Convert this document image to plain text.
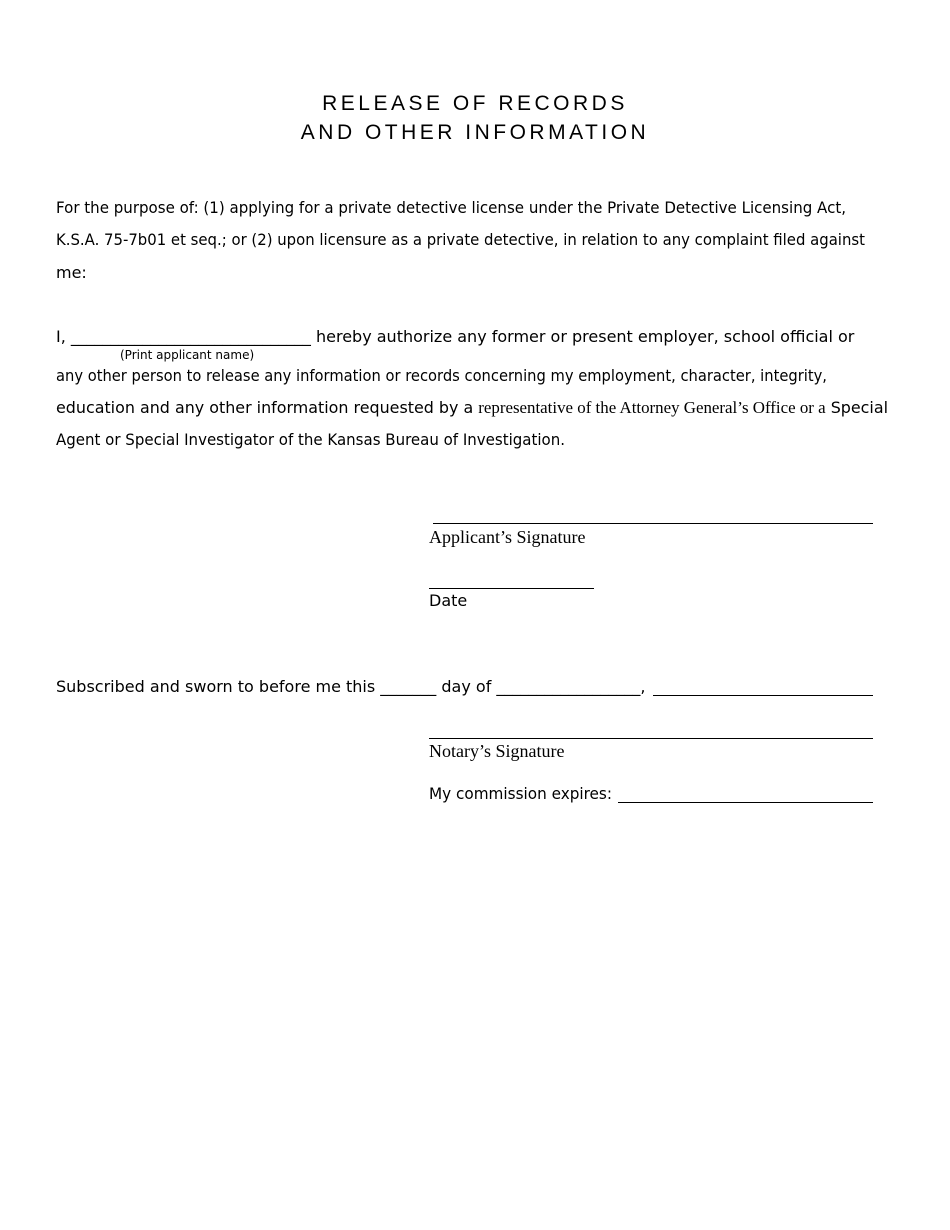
RELEASE OF RECORDS
AND OTHER INFORMATION
For the purpose of: (1) applying for a private detective license under the Private Detective Licensing Act,
K.S.A. 75-7b01 et seq.; or (2) upon licensure as a private detective, in relation to any complaint filed against
me:
I, ______________________________ hereby authorize any former or present employer, school official or
(Print applicant name)
any other person to release any information or records concerning my employment, character, integrity,
education and any other information requested by a representative of the Attorney General’s Office or a Special
Agent or Special Investigator of the Kansas Bureau of Investigation.
Applicant’s Signature
Date
Subscribed and sworn to before me this _______ day of __________________,
Notary’s Signature
My commission expires:
